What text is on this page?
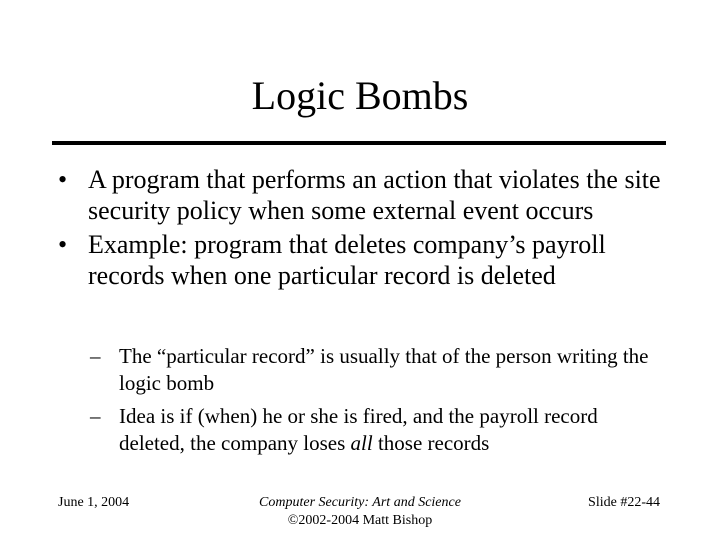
Logic Bombs
• A program that performs an action that violates the site security policy when some external event occurs
• Example: program that deletes company’s payroll records when one particular record is deleted
– The “particular record” is usually that of the person writing the logic bomb
– Idea is if (when) he or she is fired, and the payroll record deleted, the company loses all those records
June 1, 2004	Computer Security: Art and Science
©2002-2004 Matt Bishop
Slide #22-44
